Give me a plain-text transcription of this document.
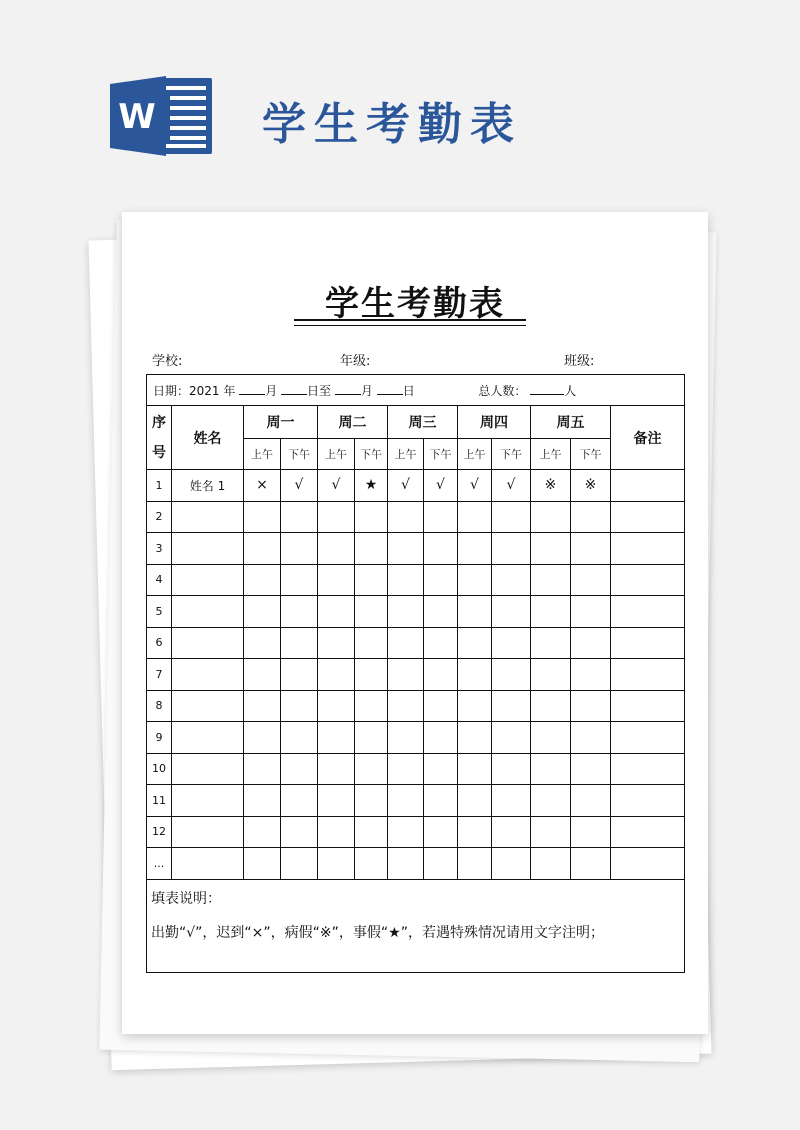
W 学生考勤表
学生考勤表
学校:	年级:	班级:
日期：2021 年 月 日至 月 日 总人数： 人												
序号	姓名	周一		周二		周三		周四		周五		备注
		上午	下午	上午	下午	上午	下午	上午	下午	上午	下午	
1	姓名 1	×	√	√	★	√	√	√	√	※	※	
2												
3												
4												
5												
6												
7												
8												
9												
10												
11												
12												
...												

填表说明：
出勤“√”，迟到“×”，病假“※”，事假“★”，若遇特殊情况请用文字注明；												
